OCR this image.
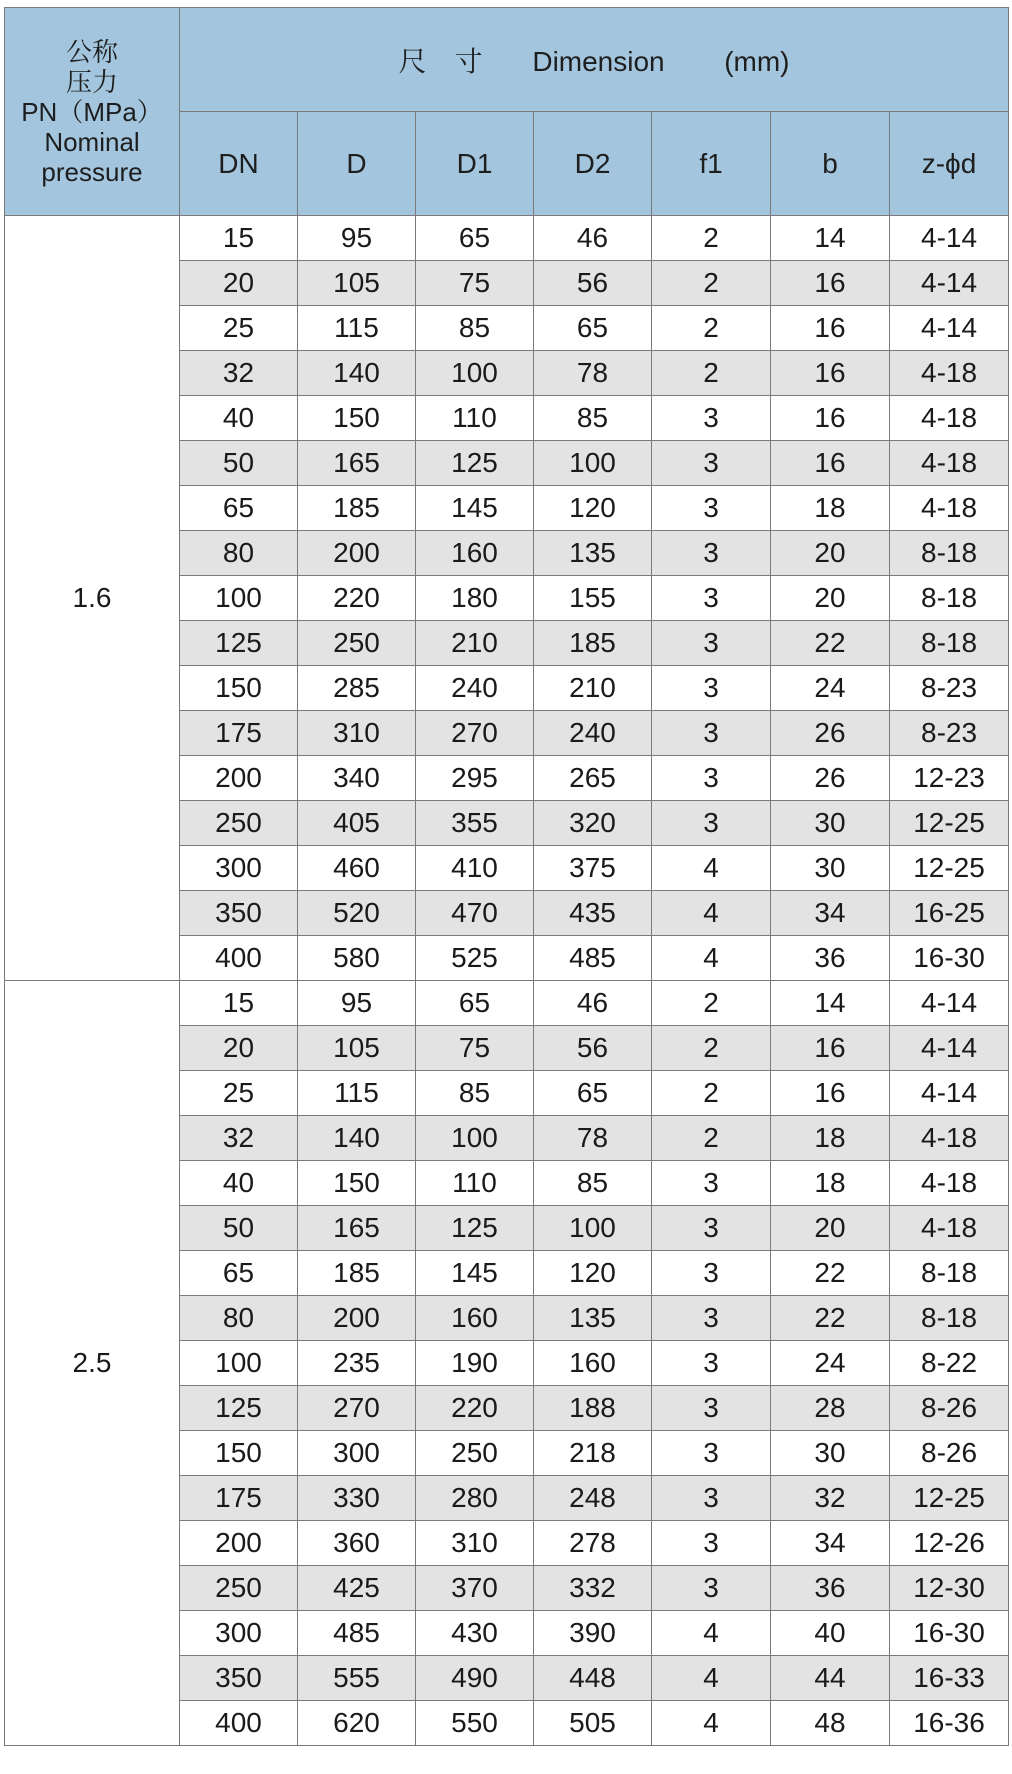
公称
压力
PN（MPa）
Nominal
pressure	尺寸 Dimension (mm)						
	DN	D	D1	D2	f1	b	z-ϕd
1.6	15	95	65	46	2	14	4-14
	20	105	75	56	2	16	4-14
	25	115	85	65	2	16	4-14
	32	140	100	78	2	16	4-18
	40	150	110	85	3	16	4-18
	50	165	125	100	3	16	4-18
	65	185	145	120	3	18	4-18
	80	200	160	135	3	20	8-18
	100	220	180	155	3	20	8-18
	125	250	210	185	3	22	8-18
	150	285	240	210	3	24	8-23
	175	310	270	240	3	26	8-23
	200	340	295	265	3	26	12-23
	250	405	355	320	3	30	12-25
	300	460	410	375	4	30	12-25
	350	520	470	435	4	34	16-25
	400	580	525	485	4	36	16-30
2.5	15	95	65	46	2	14	4-14
	20	105	75	56	2	16	4-14
	25	115	85	65	2	16	4-14
	32	140	100	78	2	18	4-18
	40	150	110	85	3	18	4-18
	50	165	125	100	3	20	4-18
	65	185	145	120	3	22	8-18
	80	200	160	135	3	22	8-18
	100	235	190	160	3	24	8-22
	125	270	220	188	3	28	8-26
	150	300	250	218	3	30	8-26
	175	330	280	248	3	32	12-25
	200	360	310	278	3	34	12-26
	250	425	370	332	3	36	12-30
	300	485	430	390	4	40	16-30
	350	555	490	448	4	44	16-33
	400	620	550	505	4	48	16-36
